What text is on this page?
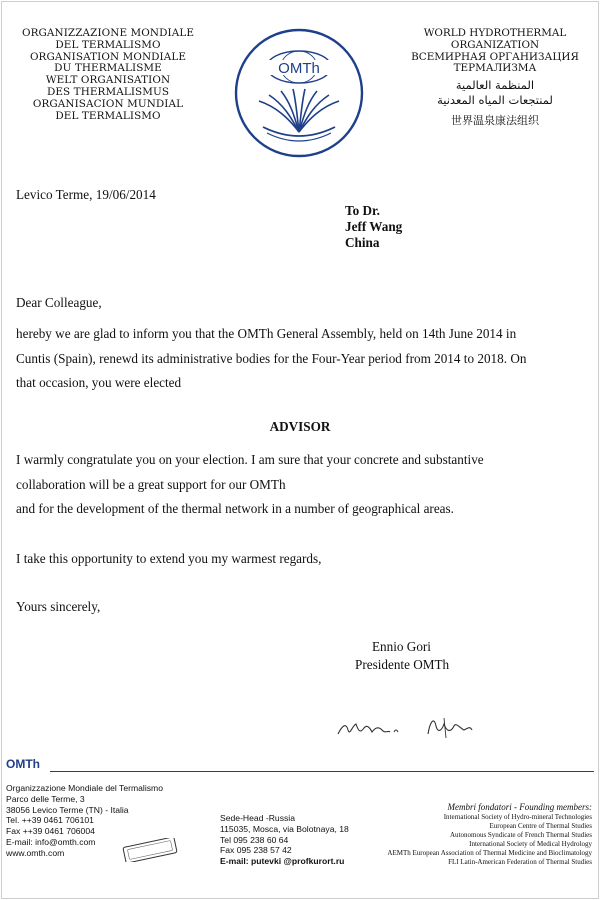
ORGANIZZAZIONE MONDIALE
DEL TERMALISMO
ORGANISATION MONDIALE
DU THERMALISME
WELT ORGANISATION
DES THERMALISMUS
ORGANISACION MUNDIAL
DEL TERMALISMO
OMTh
WORLD HYDROTHERMAL
ORGANIZATION
ВСЕМИРНАЯ ОРГАНИЗАЦИЯ
ТЕРМАЛИЗМА
المنظمة العالمية
لمنتجعات المياه المعدنية
世界温泉康法组织
Levico Terme, 19/06/2014
To Dr.
Jeff Wang
China
Dear Colleague,
hereby we are glad to inform you that the OMTh General Assembly, held on 14th June 2014 in
Cuntis (Spain), renewd its administrative bodies for the Four-Year period from 2014 to 2018. On
that occasion, you were elected
ADVISOR
I warmly congratulate you on your election. I am sure that your concrete and substantive
collaboration will be a great support for our OMTh
and for the development of the thermal network in a number of geographical areas.
I take this opportunity to extend you my warmest regards,
Yours sincerely,
Ennio Gori
Presidente OMTh
OMTh
Organizzazione Mondiale del Termalismo
Parco delle Terme, 3
38056 Levico Terme (TN) - Italia
Tel. ++39 0461 706101
Fax ++39 0461 706004
E-mail: info@omth.com
www.omth.com
Sede-Head -Russia
115035, Mosca, via Bolotnaya, 18
Tel 095 238 60 64
Fax 095 238 57 42
E-mail: putevki @profkurort.ru
Membri fondatori - Founding members:
International Society of Hydro-mineral Technologies
European Centre of Thermal Studies
Autonomous Syndicate of French Thermal Studies
International Society of Medical Hydrology
AEMTh European Association of Thermal Medicine and Bioclimatology
FLI Latin-American Federation of Thermal Studies
